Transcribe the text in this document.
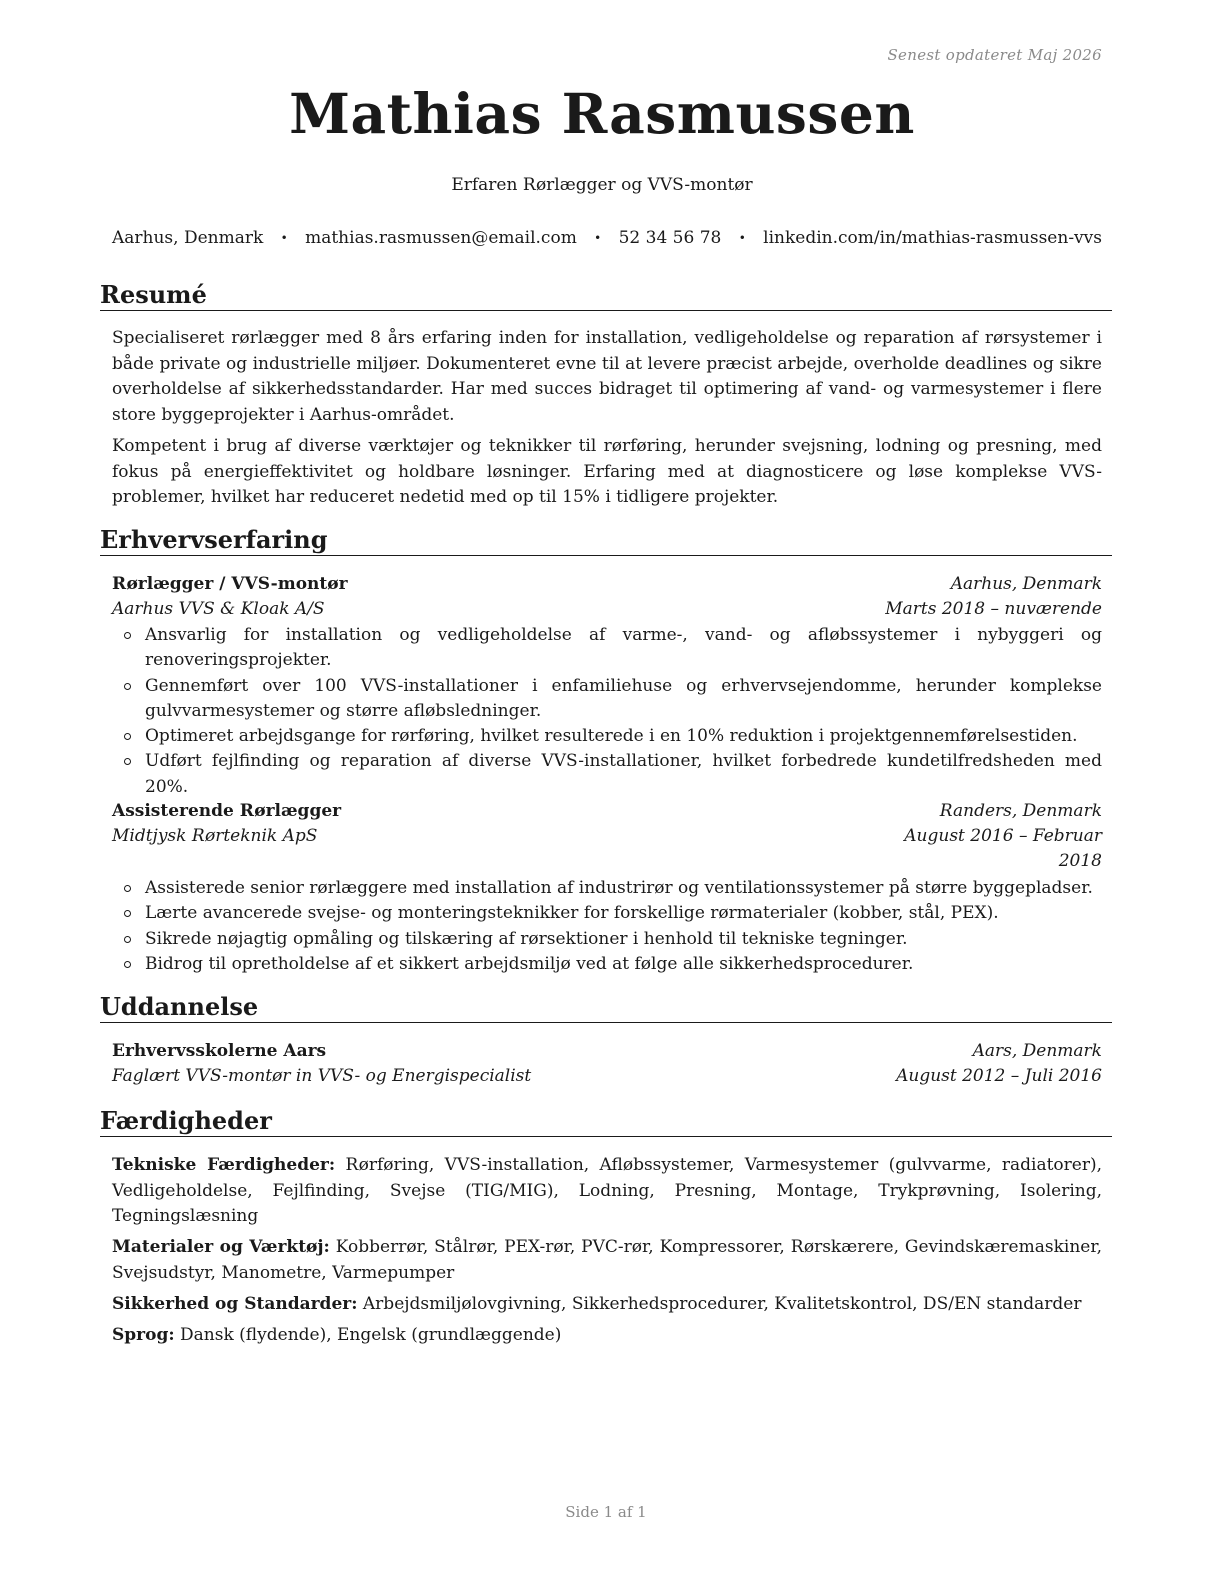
Senest opdateret Maj 2026
Mathias Rasmussen
Erfaren Rørlægger og VVS-montør
Aarhus, Denmark • mathias.rasmussen@email.com • 52 34 56 78 • linkedin.com/in/mathias-rasmussen-vvs
Resumé

Specialiseret rørlægger med 8 års erfaring inden for installation, vedligeholdelse og reparation af rørsystemer i både private og industrielle miljøer. Dokumenteret evne til at levere præcist arbejde, overholde deadlines og sikre overholdelse af sikkerhedsstandarder. Har med succes bidraget til optimering af vand- og varmesystemer i flere store byggeprojekter i Aarhus-området.

Kompetent i brug af diverse værktøjer og teknikker til rørføring, herunder svejsning, lodning og presning, med fokus på energieffektivitet og holdbare løsninger. Erfaring med at diagnosticere og løse komplekse VVS-problemer, hvilket har reduceret nedetid med op til 15% i tidligere projekter.

Erhvervserfaring
Rørlægger / VVS-montør	Aarhus, Denmark
Aarhus VVS & Kloak A/S	Marts 2018 – nuværende
Ansvarlig for installation og vedligeholdelse af varme-, vand- og afløbssystemer i nybyggeri og renoveringsprojekter.
Gennemført over 100 VVS-installationer i enfamiliehuse og erhvervsejendomme, herunder komplekse gulvvarmesystemer og større afløbsledninger.
Optimeret arbejdsgange for rørføring, hvilket resulterede i en 10% reduktion i projektgennemførelsestiden.
Udført fejlfinding og reparation af diverse VVS-installationer, hvilket forbedrede kundetilfredsheden med 20%.
Assisterende Rørlægger	Randers, Denmark
Midtjysk Rørteknik ApS	August 2016 – Februar 2018
Assisterede senior rørlæggere med installation af industrirør og ventilationssystemer på større byggepladser.
Lærte avancerede svejse- og monteringsteknikker for forskellige rørmaterialer (kobber, stål, PEX).
Sikrede nøjagtig opmåling og tilskæring af rørsektioner i henhold til tekniske tegninger.
Bidrog til opretholdelse af et sikkert arbejdsmiljø ved at følge alle sikkerhedsprocedurer.
Uddannelse
Erhvervsskolerne Aars	Aars, Denmark
Faglært VVS-montør in VVS- og Energispecialist	August 2012 – Juli 2016
Færdigheder

Tekniske Færdigheder: Rørføring, VVS-installation, Afløbssystemer, Varmesystemer (gulvvarme, radiatorer), Vedligeholdelse, Fejlfinding, Svejse (TIG/MIG), Lodning, Presning, Montage, Trykprøvning, Isolering, Tegningslæsning

Materialer og Værktøj: Kobberrør, Stålrør, PEX-rør, PVC-rør, Kompressorer, Rørskærere, Gevindskæremaskiner, Svejsudstyr, Manometre, Varmepumper

Sikkerhed og Standarder: Arbejdsmiljølovgivning, Sikkerhedsprocedurer, Kvalitetskontrol, DS/EN standarder

Sprog: Dansk (flydende), Engelsk (grundlæggende)

Side 1 af 1
